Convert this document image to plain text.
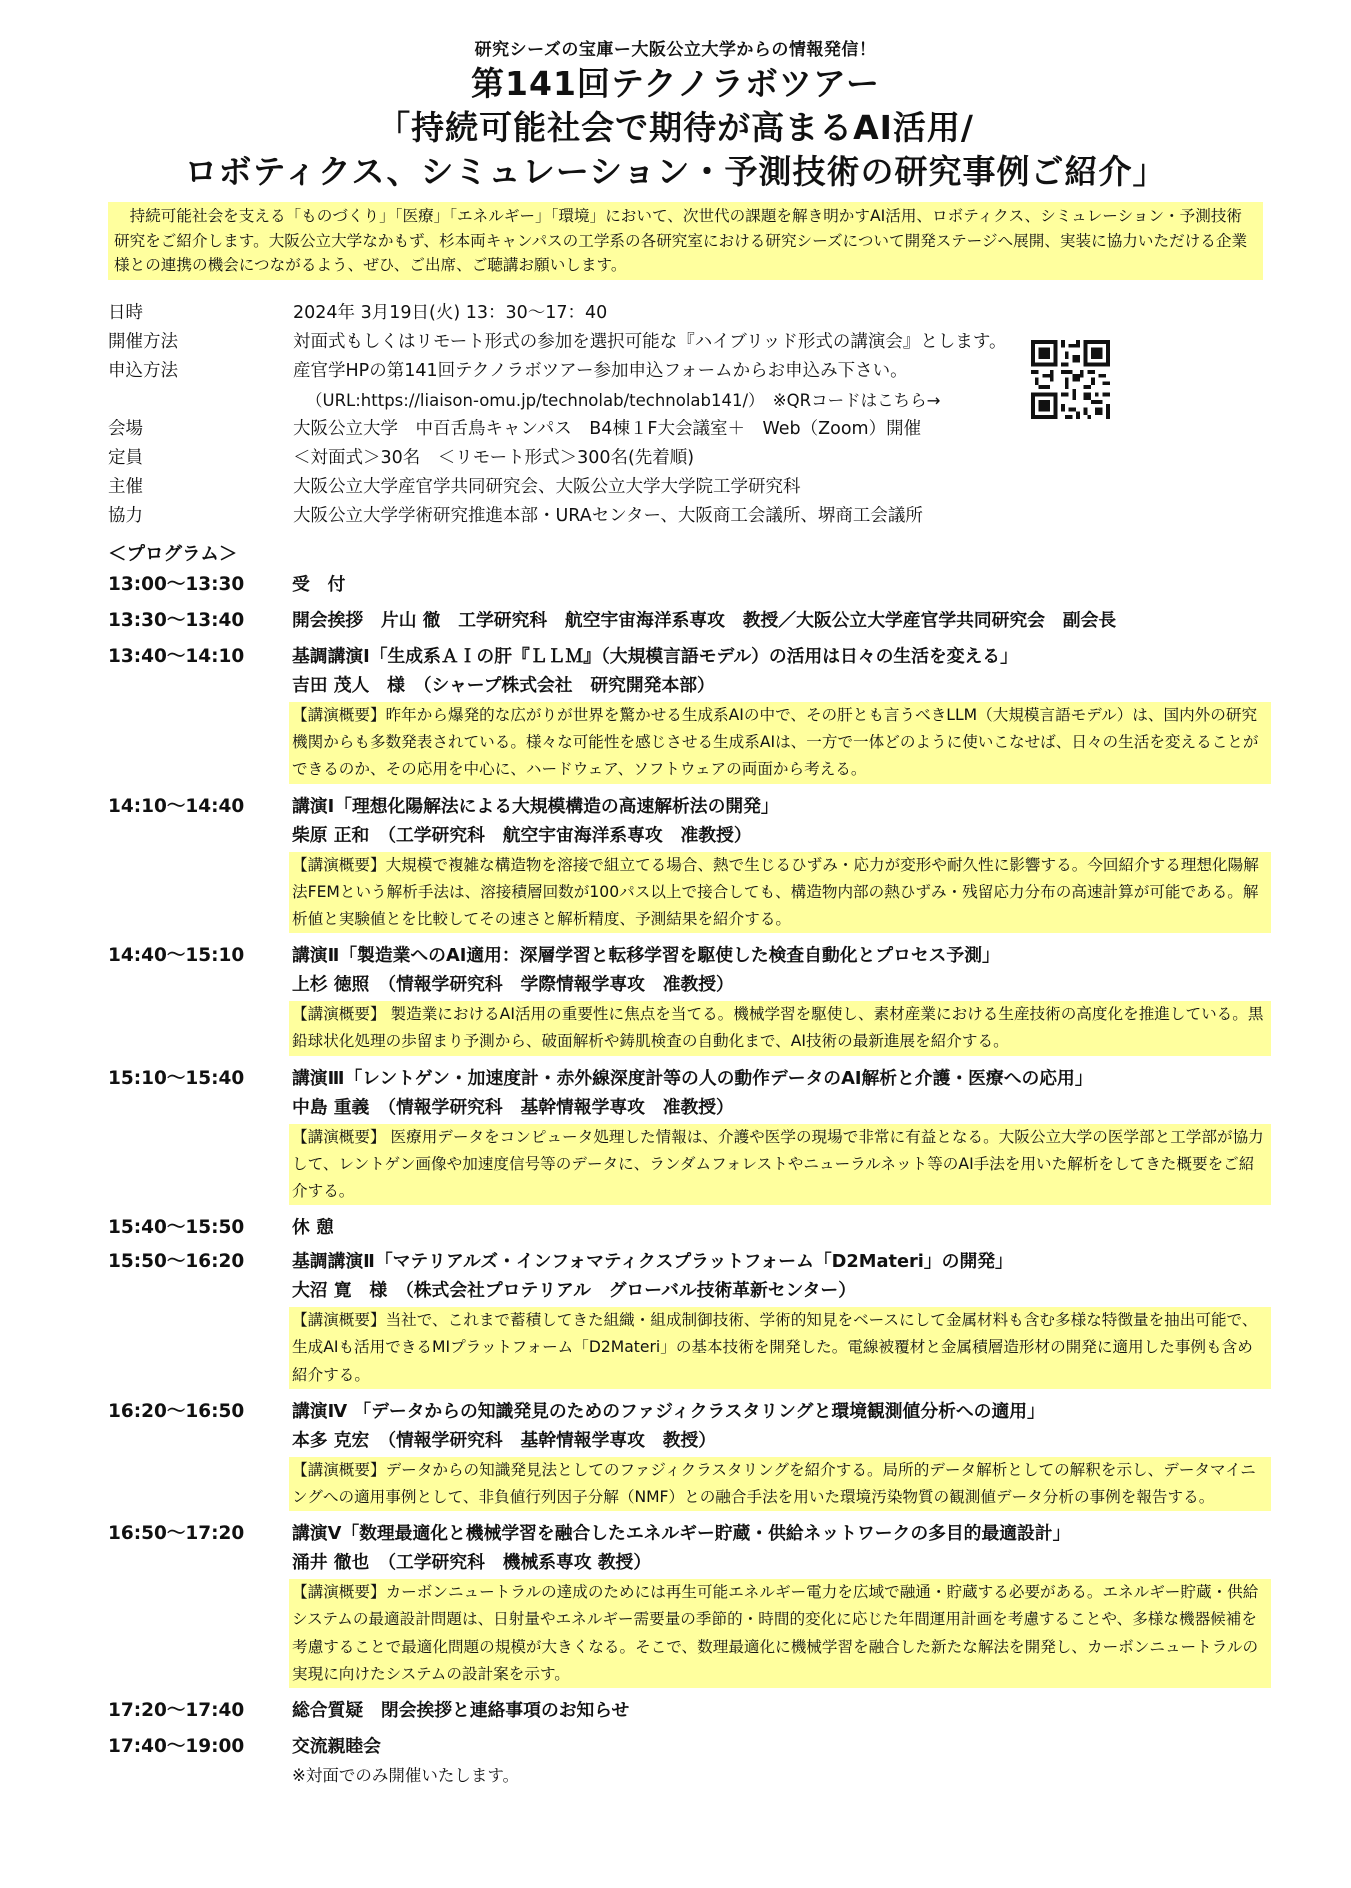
研究シーズの宝庫ー大阪公立大学からの情報発信！
第141回テクノラボツアー
「持続可能社会で期待が高まるAI活用/
ロボティクス、シミュレーション・予測技術の研究事例ご紹介」
　持続可能社会を支える「ものづくり」「医療」「エネルギー」「環境」において、次世代の課題を解き明かすAI活用、ロボティクス、シミュレーション・予測技術研究をご紹介します。大阪公立大学なかもず、杉本両キャンパスの工学系の各研究室における研究シーズについて開発ステージへ展開、実装に協力いただける企業様との連携の機会につながるよう、ぜひ、ご出席、ご聴講お願いします。
日時	2024年 3月19日(火) 13：30～17：40
開催方法	対面式もしくはリモート形式の参加を選択可能な『ハイブリッド形式の講演会』とします。
申込方法	産官学HPの第141回テクノラボツアー参加申込フォームからお申込み下さい。
（URL:https://liaison-omu.jp/technolab/technolab141/）　※QRコードはこちら→
会場	大阪公立大学　中百舌鳥キャンパス　B4棟１F大会議室＋　Web（Zoom）開催
定員	＜対面式＞30名　＜リモート形式＞300名(先着順)
主催	大阪公立大学産官学共同研究会、大阪公立大学大学院工学研究科
協力	大阪公立大学学術研究推進本部・URAセンター、大阪商工会議所、堺商工会議所
＜プログラム＞
13:00～13:30	受　付
13:30～13:40	開会挨拶　片山 徹　工学研究科　航空宇宙海洋系専攻　教授／大阪公立大学産官学共同研究会　副会長
13:40～14:10	基調講演Ⅰ「生成系ＡＩの肝『ＬＬＭ』（大規模言語モデル）の活用は日々の生活を変える」
吉田 茂人　様　（シャープ株式会社　研究開発本部）
【講演概要】昨年から爆発的な広がりが世界を驚かせる生成系AIの中で、その肝とも言うべきLLM（大規模言語モデル）は、国内外の研究機関からも多数発表されている。様々な可能性を感じさせる生成系AIは、一方で一体どのように使いこなせば、日々の生活を変えることができるのか、その応用を中心に、ハードウェア、ソフトウェアの両面から考える。
14:10～14:40	講演Ⅰ「理想化陽解法による大規模構造の高速解析法の開発」
柴原 正和　（工学研究科　航空宇宙海洋系専攻　准教授）
【講演概要】大規模で複雑な構造物を溶接で組立てる場合、熱で生じるひずみ・応力が変形や耐久性に影響する。今回紹介する理想化陽解法FEMという解析手法は、溶接積層回数が100パス以上で接合しても、構造物内部の熱ひずみ・残留応力分布の高速計算が可能である。解析値と実験値とを比較してその速さと解析精度、予測結果を紹介する。
14:40～15:10	講演Ⅱ「製造業へのAI適用：深層学習と転移学習を駆使した検査自動化とプロセス予測」
上杉 徳照　（情報学研究科　学際情報学専攻　准教授）
【講演概要】 製造業におけるAI活用の重要性に焦点を当てる。機械学習を駆使し、素材産業における生産技術の高度化を推進している。黒鉛球状化処理の歩留まり予測から、破面解析や鋳肌検査の自動化まで、AI技術の最新進展を紹介する。
15:10～15:40	講演Ⅲ「レントゲン・加速度計・赤外線深度計等の人の動作データのAI解析と介護・医療への応用」
中島 重義　（情報学研究科　基幹情報学専攻　准教授）
【講演概要】 医療用データをコンピュータ処理した情報は、介護や医学の現場で非常に有益となる。大阪公立大学の医学部と工学部が協力して、レントゲン画像や加速度信号等のデータに、ランダムフォレストやニューラルネット等のAI手法を用いた解析をしてきた概要をご紹介する。
15:40～15:50	休 憩
15:50～16:20	基調講演Ⅱ「マテリアルズ・インフォマティクスプラットフォーム「D2Materi」の開発」
大沼 寛　様　（株式会社プロテリアル　グローバル技術革新センター）
【講演概要】当社で、これまで蓄積してきた組織・組成制御技術、学術的知見をベースにして金属材料も含む多様な特徴量を抽出可能で、生成AIも活用できるMIプラットフォーム「D2Materi」の基本技術を開発した。電線被覆材と金属積層造形材の開発に適用した事例も含め紹介する。
16:20～16:50	講演Ⅳ 「データからの知識発見のためのファジィクラスタリングと環境観測値分析への適用」
本多 克宏　（情報学研究科　基幹情報学専攻　教授）
【講演概要】データからの知識発見法としてのファジィクラスタリングを紹介する。局所的データ解析としての解釈を示し、データマイニングへの適用事例として、非負値行列因子分解（NMF）との融合手法を用いた環境汚染物質の観測値データ分析の事例を報告する。
16:50～17:20	講演Ⅴ「数理最適化と機械学習を融合したエネルギー貯蔵・供給ネットワークの多目的最適設計」
涌井 徹也　（工学研究科　機械系専攻 教授）
【講演概要】カーボンニュートラルの達成のためには再生可能エネルギー電力を広域で融通・貯蔵する必要がある。エネルギー貯蔵・供給システムの最適設計問題は、日射量やエネルギー需要量の季節的・時間的変化に応じた年間運用計画を考慮することや、多様な機器候補を考慮することで最適化問題の規模が大きくなる。そこで、数理最適化に機械学習を融合した新たな解法を開発し、カーボンニュートラルの実現に向けたシステムの設計案を示す。
17:20～17:40	総合質疑　閉会挨拶と連絡事項のお知らせ
17:40～19:00	交流親睦会
※対面でのみ開催いたします。
